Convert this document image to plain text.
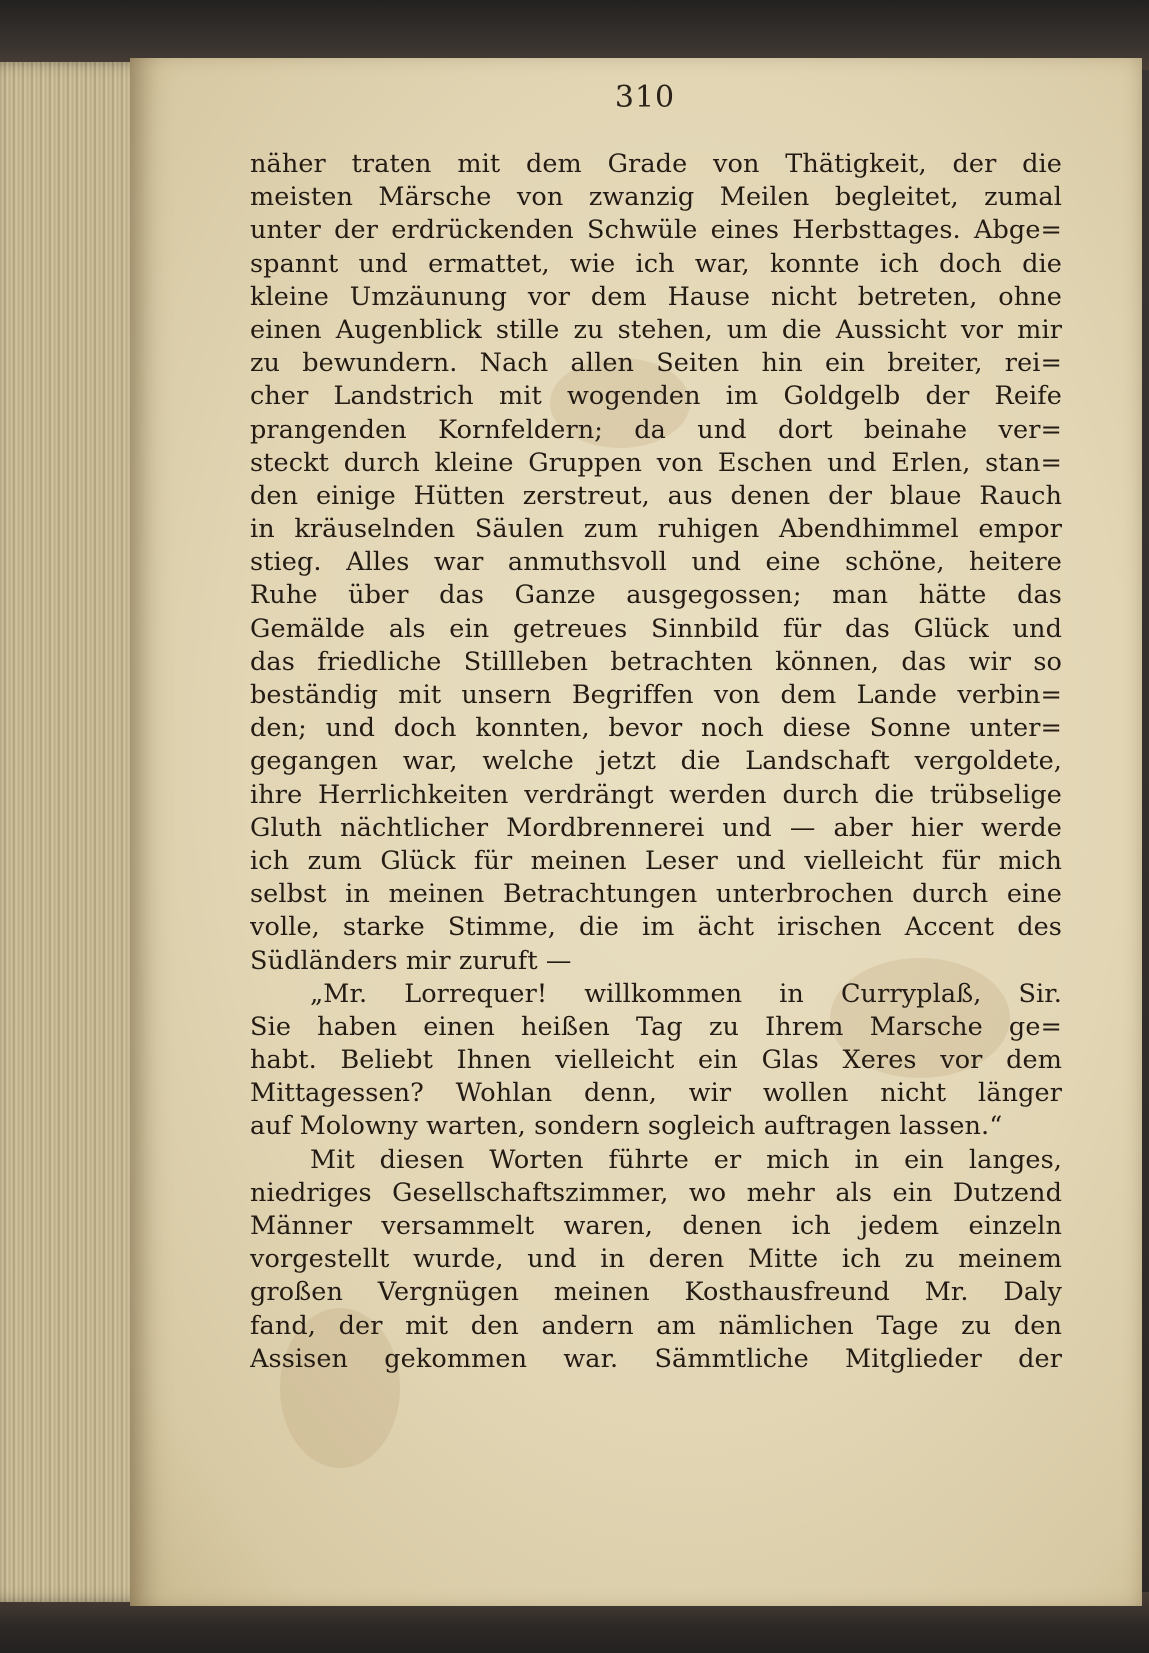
310
näher traten mit dem Grade von Thätigkeit, der die
meisten Märsche von zwanzig Meilen begleitet, zumal
unter der erdrückenden Schwüle eines Herbsttages. Abge=
spannt und ermattet, wie ich war, konnte ich doch die
kleine Umzäunung vor dem Hause nicht betreten, ohne
einen Augenblick stille zu stehen, um die Aussicht vor mir
zu bewundern. Nach allen Seiten hin ein breiter, rei=
cher Landstrich mit wogenden im Goldgelb der Reife
prangenden Kornfeldern; da und dort beinahe ver=
steckt durch kleine Gruppen von Eschen und Erlen, stan=
den einige Hütten zerstreut, aus denen der blaue Rauch
in kräuselnden Säulen zum ruhigen Abendhimmel empor
stieg. Alles war anmuthsvoll und eine schöne, heitere
Ruhe über das Ganze ausgegossen; man hätte das
Gemälde als ein getreues Sinnbild für das Glück und
das friedliche Stillleben betrachten können, das wir so
beständig mit unsern Begriffen von dem Lande verbin=
den; und doch konnten, bevor noch diese Sonne unter=
gegangen war, welche jetzt die Landschaft vergoldete,
ihre Herrlichkeiten verdrängt werden durch die trübselige
Gluth nächtlicher Mordbrennerei und — aber hier werde
ich zum Glück für meinen Leser und vielleicht für mich
selbst in meinen Betrachtungen unterbrochen durch eine
volle, starke Stimme, die im ächt irischen Accent des
Südländers mir zuruft —
„Mr. Lorrequer! willkommen in Curryplaß, Sir.
Sie haben einen heißen Tag zu Ihrem Marsche ge=
habt. Beliebt Ihnen vielleicht ein Glas Xeres vor dem
Mittagessen? Wohlan denn, wir wollen nicht länger
auf Molowny warten, sondern sogleich auftragen lassen.“
Mit diesen Worten führte er mich in ein langes,
niedriges Gesellschaftszimmer, wo mehr als ein Dutzend
Männer versammelt waren, denen ich jedem einzeln
vorgestellt wurde, und in deren Mitte ich zu meinem
großen Vergnügen meinen Kosthausfreund Mr. Daly
fand, der mit den andern am nämlichen Tage zu den
Assisen gekommen war. Sämmtliche Mitglieder der
